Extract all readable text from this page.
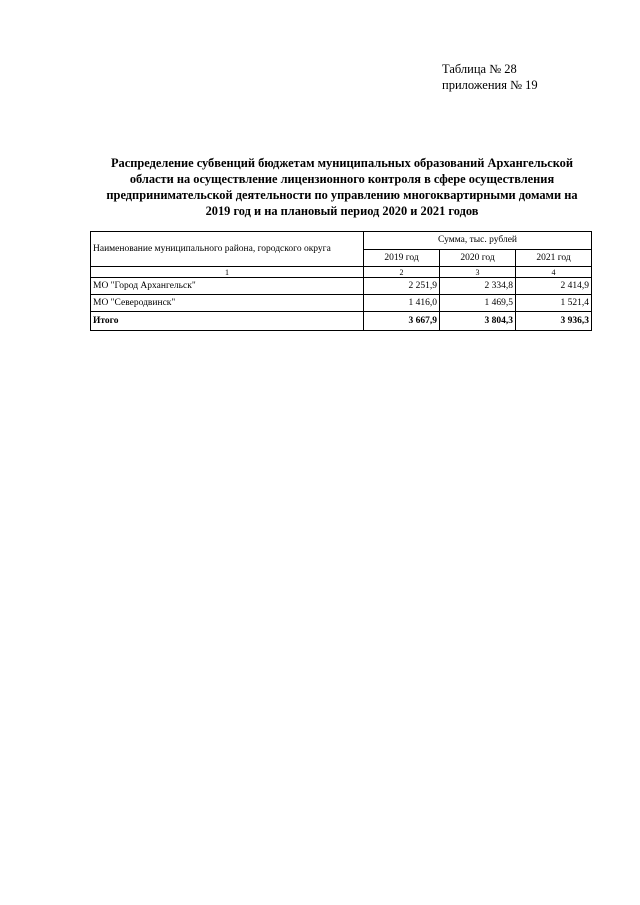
Таблица № 28
приложения № 19
Распределение субвенций бюджетам муниципальных образований Архангельской
области на осуществление лицензионного контроля в сфере осуществления
предпринимательской деятельности по управлению многоквартирными домами на
2019 год и на плановый период 2020 и 2021 годов
Наименование муниципального района, городского округа	Сумма, тыс. рублей		
	2019 год	2020 год	2021 год
1	2	3	4
МО "Город Архангельск"	2 251,9	2 334,8	2 414,9
МО "Северодвинск"	1 416,0	1 469,5	1 521,4
Итого	3 667,9	3 804,3	3 936,3
